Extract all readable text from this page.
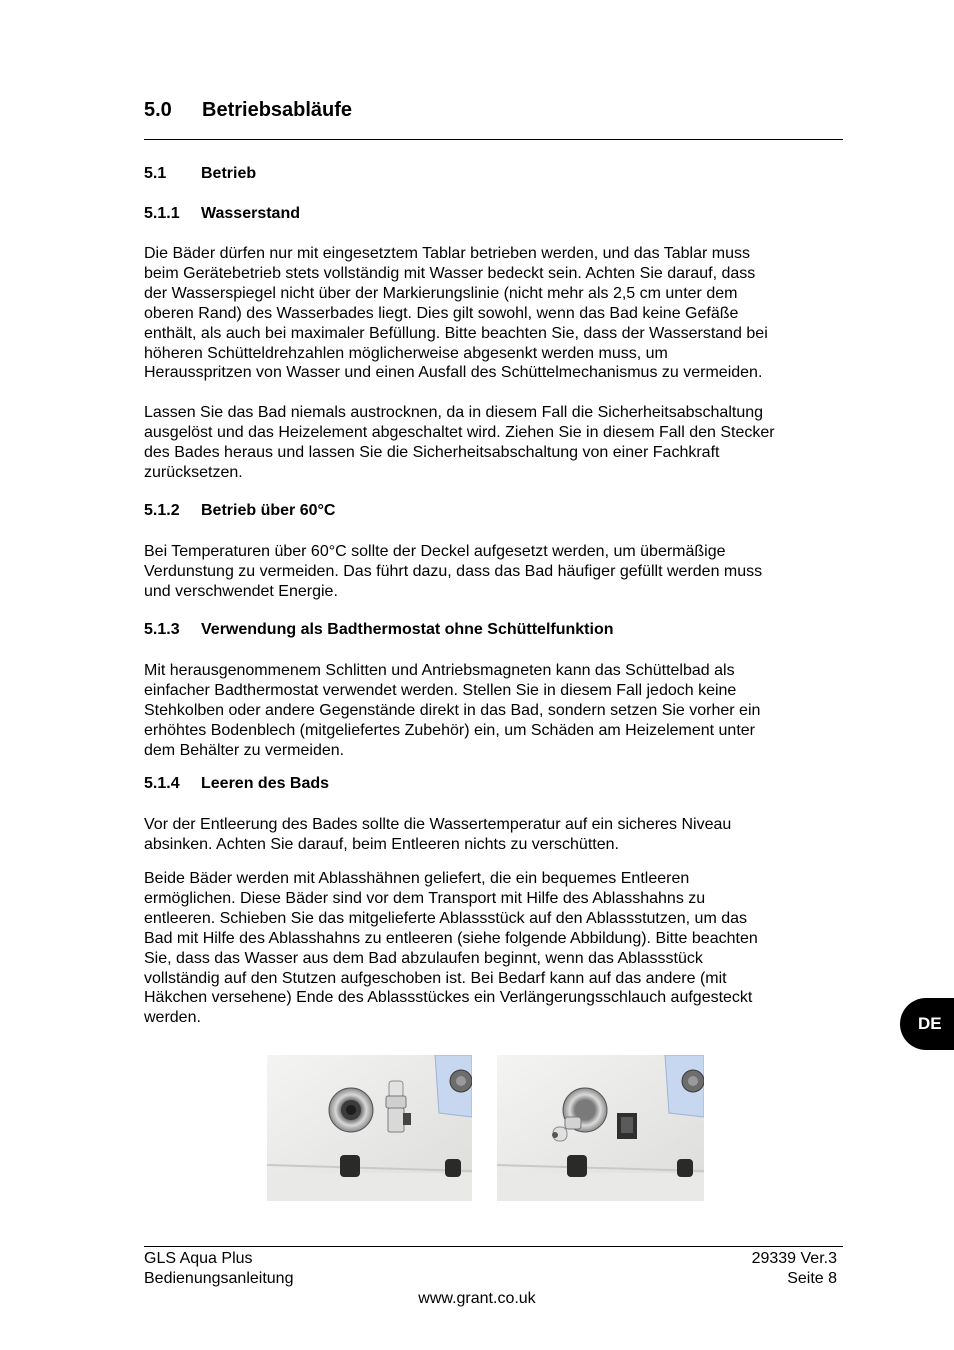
5.0 Betriebsabläufe
5.1 Betrieb
5.1.1 Wasserstand
Die Bäder dürfen nur mit eingesetztem Tablar betrieben werden, und das Tablar muss
beim Gerätebetrieb stets vollständig mit Wasser bedeckt sein. Achten Sie darauf, dass
der Wasserspiegel nicht über der Markierungslinie (nicht mehr als 2,5 cm unter dem
oberen Rand) des Wasserbades liegt. Dies gilt sowohl, wenn das Bad keine Gefäße
enthält, als auch bei maximaler Befüllung. Bitte beachten Sie, dass der Wasserstand bei
höheren Schütteldrehzahlen möglicherweise abgesenkt werden muss, um
Herausspritzen von Wasser und einen Ausfall des Schüttelmechanismus zu vermeiden.
Lassen Sie das Bad niemals austrocknen, da in diesem Fall die Sicherheitsabschaltung
ausgelöst und das Heizelement abgeschaltet wird. Ziehen Sie in diesem Fall den Stecker
des Bades heraus und lassen Sie die Sicherheitsabschaltung von einer Fachkraft
zurücksetzen.
5.1.2 Betrieb über 60°C
Bei Temperaturen über 60°C sollte der Deckel aufgesetzt werden, um übermäßige
Verdunstung zu vermeiden. Das führt dazu, dass das Bad häufiger gefüllt werden muss
und verschwendet Energie.
5.1.3 Verwendung als Badthermostat ohne Schüttelfunktion
Mit herausgenommenem Schlitten und Antriebsmagneten kann das Schüttelbad als
einfacher Badthermostat verwendet werden. Stellen Sie in diesem Fall jedoch keine
Stehkolben oder andere Gegenstände direkt in das Bad, sondern setzen Sie vorher ein
erhöhtes Bodenblech (mitgeliefertes Zubehör) ein, um Schäden am Heizelement unter
dem Behälter zu vermeiden.
5.1.4 Leeren des Bads
Vor der Entleerung des Bades sollte die Wassertemperatur auf ein sicheres Niveau
absinken. Achten Sie darauf, beim Entleeren nichts zu verschütten.
Beide Bäder werden mit Ablasshähnen geliefert, die ein bequemes Entleeren
ermöglichen. Diese Bäder sind vor dem Transport mit Hilfe des Ablasshahns zu
entleeren. Schieben Sie das mitgelieferte Ablassstück auf den Ablassstutzen, um das
Bad mit Hilfe des Ablasshahns zu entleeren (siehe folgende Abbildung). Bitte beachten
Sie, dass das Wasser aus dem Bad abzulaufen beginnt, wenn das Ablassstück
vollständig auf den Stutzen aufgeschoben ist. Bei Bedarf kann auf das andere (mit
Häkchen versehene) Ende des Ablassstückes ein Verlängerungsschlauch aufgesteckt
werden.	DE
GLS Aqua Plus
Bedienungsanleitung
29339 Ver.3
Seite 8
www.grant.co.uk
